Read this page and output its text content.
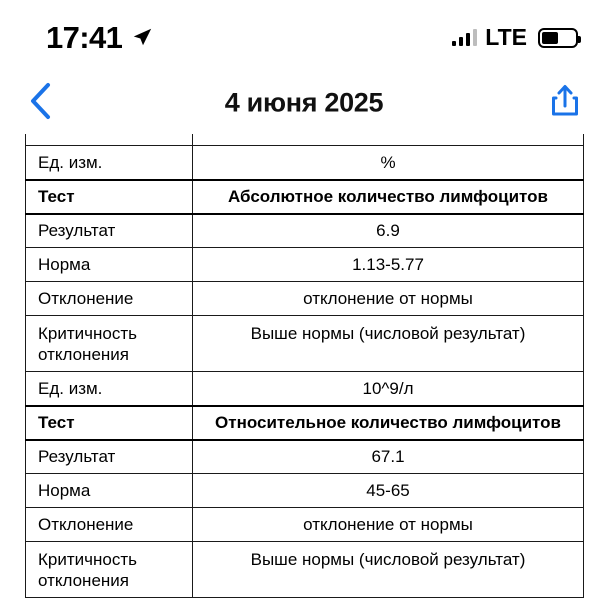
17:41	LTE
4 июня 2025
Ед. изм.	%
Тест	Абсолютное количество лимфоцитов
Результат	6.9
Норма	1.13-5.77
Отклонение	отклонение от нормы
Критичность
отклонения	Выше нормы (числовой результат)
Ед. изм.	10^9/л
Тест	Относительное количество лимфоцитов
Результат	67.1
Норма	45-65
Отклонение	отклонение от нормы
Критичность
отклонения	Выше нормы (числовой результат)
